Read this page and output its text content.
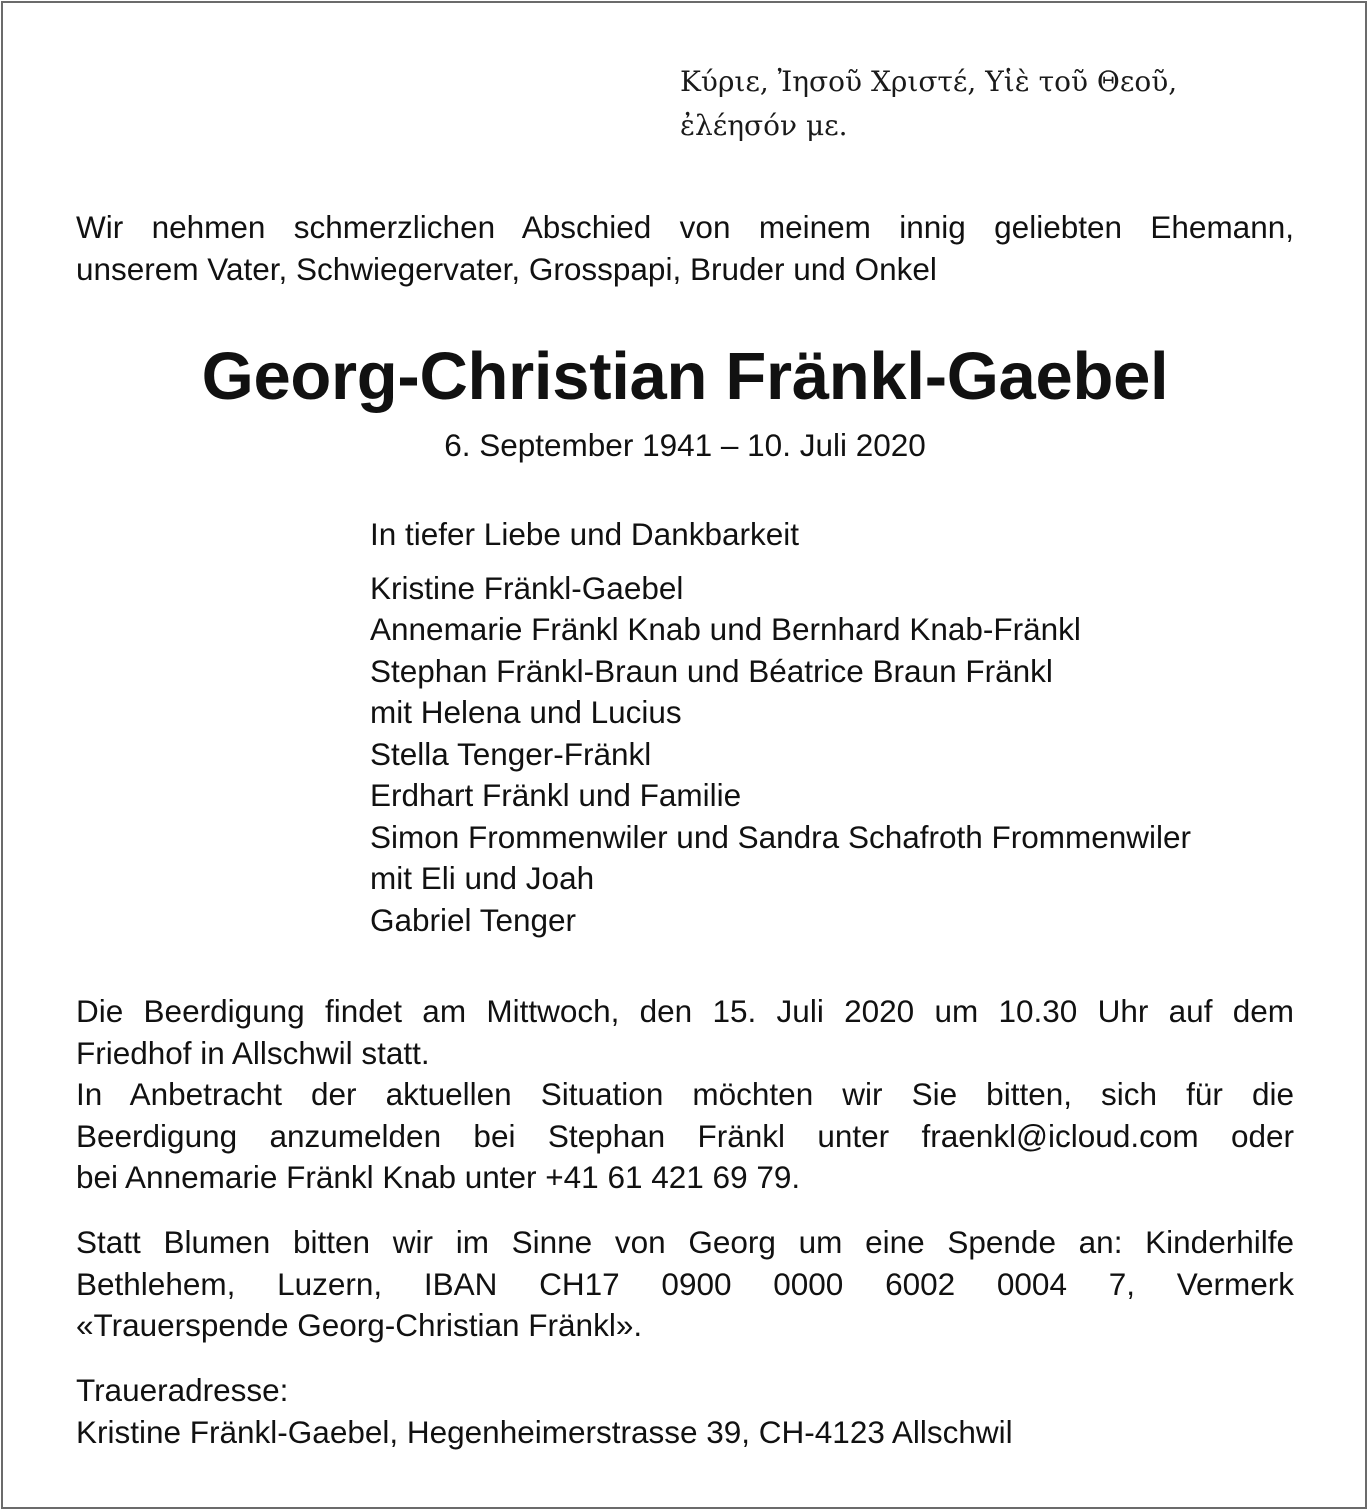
Κύριε, Ἰησοῦ Χριστέ, Υἱὲ τοῦ Θεοῦ,
ἐλέησόν με.
Wir nehmen schmerzlichen Abschied von meinem innig geliebten Ehemann,
unserem Vater, Schwiegervater, Grosspapi, Bruder und Onkel
Georg-Christian Fränkl-Gaebel
6. September 1941 – 10. Juli 2020
In tiefer Liebe und Dankbarkeit
Kristine Fränkl-Gaebel
Annemarie Fränkl Knab und Bernhard Knab-Fränkl
Stephan Fränkl-Braun und Béatrice Braun Fränkl
mit Helena und Lucius
Stella Tenger-Fränkl
Erdhart Fränkl und Familie
Simon Frommenwiler und Sandra Schafroth Frommenwiler
mit Eli und Joah
Gabriel Tenger
Die Beerdigung findet am Mittwoch, den 15. Juli 2020 um 10.30 Uhr auf dem
Friedhof in Allschwil statt.
In Anbetracht der aktuellen Situation möchten wir Sie bitten, sich für die
Beerdigung anzumelden bei Stephan Fränkl unter fraenkl@icloud.com oder
bei Annemarie Fränkl Knab unter +41 61 421 69 79.
Statt Blumen bitten wir im Sinne von Georg um eine Spende an: Kinderhilfe
Bethlehem, Luzern, IBAN CH17 0900 0000 6002 0004 7, Vermerk
«Trauerspende Georg-Christian Fränkl».
Traueradresse:
Kristine Fränkl-Gaebel, Hegenheimerstrasse 39, CH-4123 Allschwil
